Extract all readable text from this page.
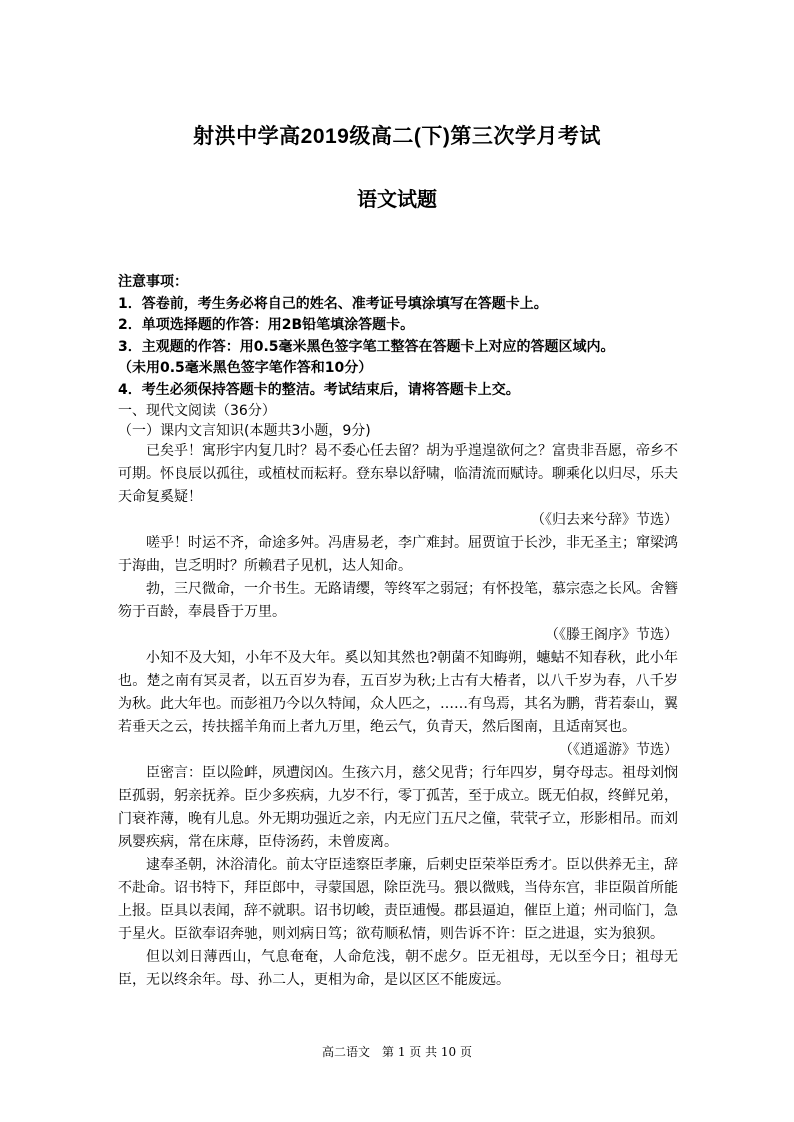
射洪中学高2019级高二(下)第三次学月考试
语文试题
注意事项：
1．答卷前，考生务必将自己的姓名、准考证号填涂填写在答题卡上。
2．单项选择题的作答：用2B铅笔填涂答题卡。
3．主观题的作答：用0.5毫米黑色签字笔工整答在答题卡上对应的答题区域内。
（未用0.5毫米黑色签字笔作答和10分）
4．考生必须保持答题卡的整洁。考试结束后，请将答题卡上交。
一、现代文阅读（36分）
（一）课内文言知识(本题共3小题，9分)
已矣乎！寓形宇内复几时？曷不委心任去留？胡为乎遑遑欲何之？富贵非吾愿，帝乡不可期。怀良辰以孤往，或植杖而耘耔。登东皋以舒啸，临清流而赋诗。聊乘化以归尽，乐夫天命复奚疑！
（《归去来兮辞》节选）
嗟乎！时运不齐，命途多舛。冯唐易老，李广难封。屈贾谊于长沙，非无圣主；窜梁鸿于海曲，岂乏明时？所赖君子见机，达人知命。
勃，三尺微命，一介书生。无路请缨，等终军之弱冠；有怀投笔，慕宗悫之长风。舍簪笏于百龄，奉晨昏于万里。
（《滕王阁序》节选）
小知不及大知，小年不及大年。奚以知其然也?朝菌不知晦朔，蟪蛄不知春秋，此小年也。楚之南有冥灵者，以五百岁为春，五百岁为秋;上古有大椿者，以八千岁为春，八千岁为秋。此大年也。而彭祖乃今以久特闻，众人匹之，……有鸟焉，其名为鹏，背若泰山，翼若垂天之云，抟扶摇羊角而上者九万里，绝云气，负青天，然后图南，且适南冥也。
（《逍遥游》节选）
臣密言：臣以险衅，夙遭闵凶。生孩六月，慈父见背；行年四岁，舅夺母志。祖母刘悯臣孤弱，躬亲抚养。臣少多疾病，九岁不行，零丁孤苦，至于成立。既无伯叔，终鲜兄弟，门衰祚薄，晚有儿息。外无期功强近之亲，内无应门五尺之僮，茕茕孑立，形影相吊。而刘夙婴疾病，常在床蓐，臣侍汤药，未曾废离。
逮奉圣朝，沐浴清化。前太守臣逵察臣孝廉，后刺史臣荣举臣秀才。臣以供养无主，辞不赴命。诏书特下，拜臣郎中，寻蒙国恩，除臣洗马。猥以微贱，当侍东宫，非臣陨首所能上报。臣具以表闻，辞不就职。诏书切峻，责臣逋慢。郡县逼迫，催臣上道；州司临门，急于星火。臣欲奉诏奔驰，则刘病日笃；欲苟顺私情，则告诉不许：臣之进退，实为狼狈。
但以刘日薄西山，气息奄奄，人命危浅，朝不虑夕。臣无祖母，无以至今日；祖母无臣，无以终余年。母、孙二人，更相为命，是以区区不能废远。
高二语文　第 1 页 共 10 页
